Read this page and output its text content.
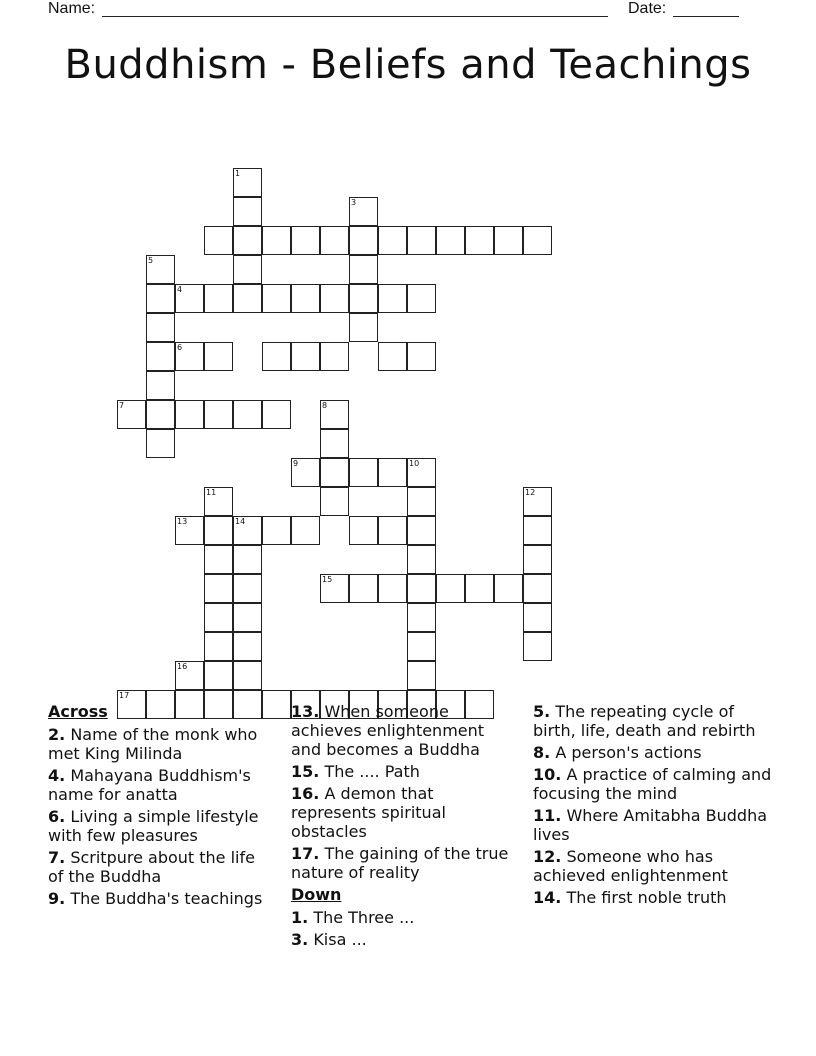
Name:	Date:
Buddhism - Beliefs and Teachings
1
3
4
5
6
7	8
9	10
11
13	14
12
15
16
17
Across
2. Name of the monk who met King Milinda
4. Mahayana Buddhism's name for anatta
6. Living a simple lifestyle with few pleasures
7. Scritpure about the life of the Buddha
9. The Buddha's teachings
13. When someone achieves enlightenment and becomes a Buddha
15. The .... Path
16. A demon that represents spiritual obstacles
17. The gaining of the true nature of reality
Down
1. The Three ...
3. Kisa ...
5. The repeating cycle of birth, life, death and rebirth
8. A person's actions
10. A practice of calming and focusing the mind
11. Where Amitabha Buddha lives
12. Someone who has achieved enlightenment
14. The first noble truth
